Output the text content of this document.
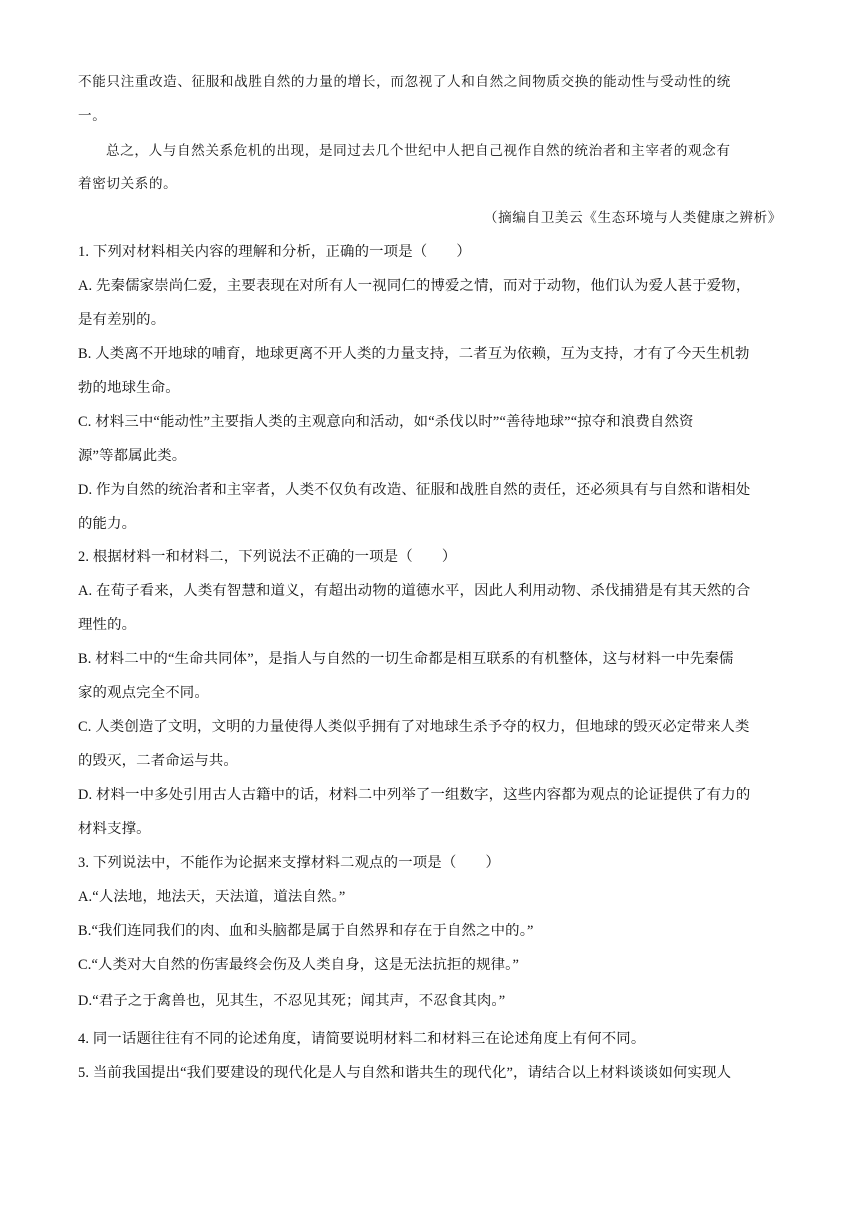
不能只注重改造、征服和战胜自然的力量的增长，而忽视了人和自然之间物质交换的能动性与受动性的统
一。
总之，人与自然关系危机的出现，是同过去几个世纪中人把自己视作自然的统治者和主宰者的观念有
着密切关系的。
（摘编自卫美云《生态环境与人类健康之辨析》
1. 下列对材料相关内容的理解和分析，正确的一项是（　　）
A. 先秦儒家崇尚仁爱，主要表现在对所有人一视同仁的博爱之情，而对于动物，他们认为爱人甚于爱物，
是有差别的。
B. 人类离不开地球的哺育，地球更离不开人类的力量支持，二者互为依赖，互为支持，才有了今天生机勃
勃的地球生命。
C. 材料三中“能动性”主要指人类的主观意向和活动，如“杀伐以时”“善待地球”“掠夺和浪费自然资
源”等都属此类。
D. 作为自然的统治者和主宰者，人类不仅负有改造、征服和战胜自然的责任，还必须具有与自然和谐相处
的能力。
2. 根据材料一和材料二，下列说法不正确的一项是（　　）
A. 在荀子看来，人类有智慧和道义，有超出动物的道德水平，因此人利用动物、杀伐捕猎是有其天然的合
理性的。
B. 材料二中的“生命共同体”，是指人与自然的一切生命都是相互联系的有机整体，这与材料一中先秦儒
家的观点完全不同。
C. 人类创造了文明，文明的力量使得人类似乎拥有了对地球生杀予夺的权力，但地球的毁灭必定带来人类
的毁灭，二者命运与共。
D. 材料一中多处引用古人古籍中的话，材料二中列举了一组数字，这些内容都为观点的论证提供了有力的
材料支撑。
3. 下列说法中，不能作为论据来支撑材料二观点的一项是（　　）
A.“人法地，地法天，天法道，道法自然。”
B.“我们连同我们的肉、血和头脑都是属于自然界和存在于自然之中的。”
C.“人类对大自然的伤害最终会伤及人类自身，这是无法抗拒的规律。”
D.“君子之于禽兽也，见其生，不忍见其死；闻其声，不忍食其肉。”
4. 同一话题往往有不同的论述角度，请简要说明材料二和材料三在论述角度上有何不同。
5. 当前我国提出“我们要建设的现代化是人与自然和谐共生的现代化”，请结合以上材料谈谈如何实现人
